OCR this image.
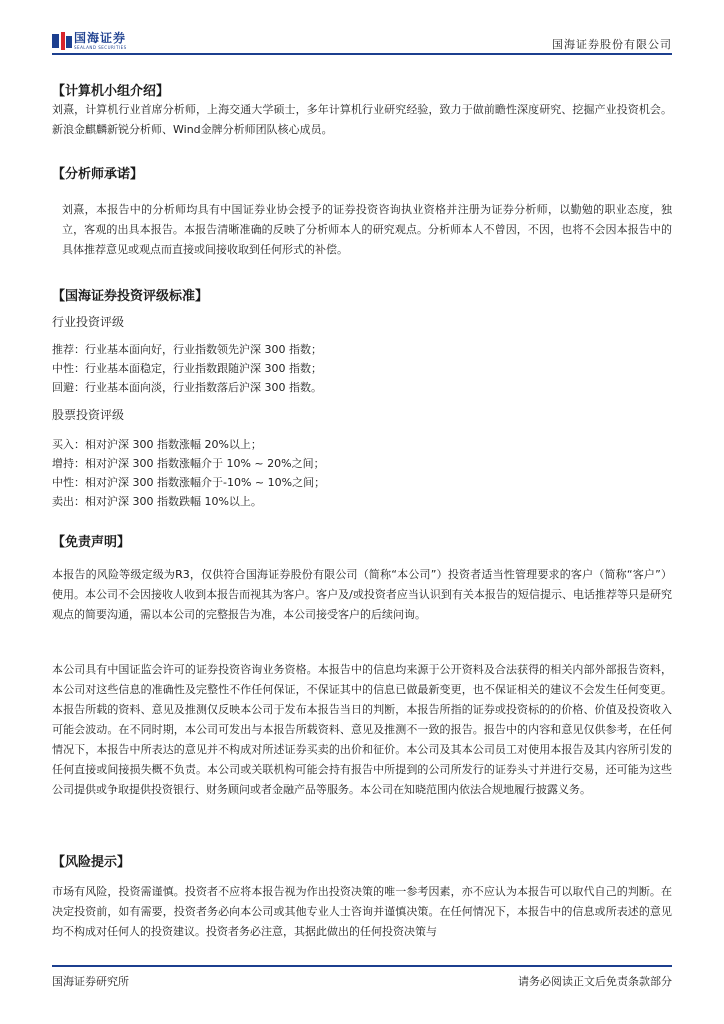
国海证券
SEALAND SECURITIES	国海证券股份有限公司
【计算机小组介绍】
刘熹，计算机行业首席分析师，上海交通大学硕士，多年计算机行业研究经验，致力于做前瞻性深度研究、挖掘产业投资机会。新浪金麒麟新锐分析师、Wind金牌分析师团队核心成员。
【分析师承诺】
刘熹，本报告中的分析师均具有中国证券业协会授予的证券投资咨询执业资格并注册为证券分析师，以勤勉的职业态度，独立，客观的出具本报告。本报告清晰准确的反映了分析师本人的研究观点。分析师本人不曾因，不因，也将不会因本报告中的具体推荐意见或观点而直接或间接收取到任何形式的补偿。
【国海证券投资评级标准】
行业投资评级
推荐：行业基本面向好，行业指数领先沪深 300 指数；
中性：行业基本面稳定，行业指数跟随沪深 300 指数；
回避：行业基本面向淡，行业指数落后沪深 300 指数。
股票投资评级
买入：相对沪深 300 指数涨幅 20%以上；
增持：相对沪深 300 指数涨幅介于 10% ~ 20%之间；
中性：相对沪深 300 指数涨幅介于-10% ~ 10%之间；
卖出：相对沪深 300 指数跌幅 10%以上。
【免责声明】
本报告的风险等级定级为R3，仅供符合国海证券股份有限公司（简称“本公司”）投资者适当性管理要求的客户（简称“客户”）使用。本公司不会因接收人收到本报告而视其为客户。客户及/或投资者应当认识到有关本报告的短信提示、电话推荐等只是研究观点的简要沟通，需以本公司的完整报告为准，本公司接受客户的后续问询。
本公司具有中国证监会许可的证券投资咨询业务资格。本报告中的信息均来源于公开资料及合法获得的相关内部外部报告资料，本公司对这些信息的准确性及完整性不作任何保证，不保证其中的信息已做最新变更，也不保证相关的建议不会发生任何变更。本报告所载的资料、意见及推测仅反映本公司于发布本报告当日的判断，本报告所指的证券或投资标的的价格、价值及投资收入可能会波动。在不同时期，本公司可发出与本报告所载资料、意见及推测不一致的报告。报告中的内容和意见仅供参考，在任何情况下，本报告中所表达的意见并不构成对所述证券买卖的出价和征价。本公司及其本公司员工对使用本报告及其内容所引发的任何直接或间接损失概不负责。本公司或关联机构可能会持有报告中所提到的公司所发行的证券头寸并进行交易，还可能为这些公司提供或争取提供投资银行、财务顾问或者金融产品等服务。本公司在知晓范围内依法合规地履行披露义务。
【风险提示】
市场有风险，投资需谨慎。投资者不应将本报告视为作出投资决策的唯一参考因素，亦不应认为本报告可以取代自己的判断。在决定投资前，如有需要，投资者务必向本公司或其他专业人士咨询并谨慎决策。在任何情况下，本报告中的信息或所表述的意见均不构成对任何人的投资建议。投资者务必注意，其据此做出的任何投资决策与
国海证券研究所	请务必阅读正文后免责条款部分
